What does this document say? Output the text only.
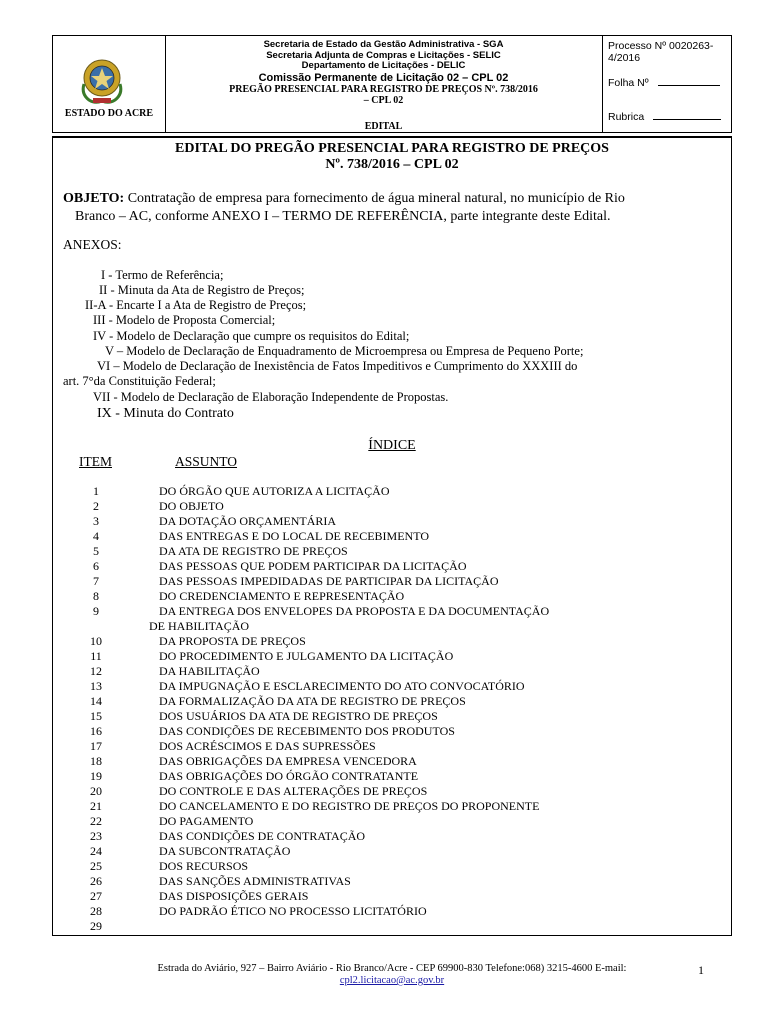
ESTADO DO ACRE
Secretaria de Estado da Gestão Administrativa - SGA
Secretaria Adjunta de Compras e Licitações - SELIC
Departamento de Licitações - DELIC
Comissão Permanente de Licitação 02 – CPL 02
PREGÃO PRESENCIAL PARA REGISTRO DE PREÇOS Nº. 738/2016
– CPL 02
EDITAL
Processo Nº 0020263-4/2016
Folha Nº
Rubrica
EDITAL DO PREGÃO PRESENCIAL PARA REGISTRO DE PREÇOS
Nº. 738/2016 – CPL 02
OBJETO: Contratação de empresa para fornecimento de água mineral natural, no município de Rio
Branco – AC, conforme ANEXO I – TERMO DE REFERÊNCIA, parte integrante deste Edital.
ANEXOS:
I - Termo de Referência;
II - Minuta da Ata de Registro de Preços;
II-A - Encarte I a Ata de Registro de Preços;
III - Modelo de Proposta Comercial;
IV - Modelo de Declaração que cumpre os requisitos do Edital;
V – Modelo de Declaração de Enquadramento de Microempresa ou Empresa de Pequeno Porte;
VI – Modelo de Declaração de Inexistência de Fatos Impeditivos e Cumprimento do XXXIII do
art. 7°da Constituição Federal;
VII - Modelo de Declaração de Elaboração Independente de Propostas.
IX - Minuta do Contrato
ÍNDICE
ITEM	ASSUNTO
1	DO ÓRGÃO QUE AUTORIZA A LICITAÇÃO
2	DO OBJETO
3	DA DOTAÇÃO ORÇAMENTÁRIA
4	DAS ENTREGAS E DO LOCAL DE RECEBIMENTO
5	DA ATA DE REGISTRO DE PREÇOS
6	DAS PESSOAS QUE PODEM PARTICIPAR DA LICITAÇÃO
7	DAS PESSOAS IMPEDIDADAS DE PARTICIPAR DA LICITAÇÃO
8	DO CREDENCIAMENTO E REPRESENTAÇÃO
9	DA ENTREGA DOS ENVELOPES DA PROPOSTA E DA DOCUMENTAÇÃO
DE HABILITAÇÃO
10	DA PROPOSTA DE PREÇOS
11	DO PROCEDIMENTO E JULGAMENTO DA LICITAÇÃO
12	DA HABILITAÇÃO
13	DA IMPUGNAÇÃO E ESCLARECIMENTO DO ATO CONVOCATÓRIO
14	DA FORMALIZAÇÃO DA ATA DE REGISTRO DE PREÇOS
15	DOS USUÁRIOS DA ATA DE REGISTRO DE PREÇOS
16	DAS CONDIÇÕES DE RECEBIMENTO DOS PRODUTOS
17	DOS ACRÉSCIMOS E DAS SUPRESSÕES
18	DAS OBRIGAÇÕES DA EMPRESA VENCEDORA
19	DAS OBRIGAÇÕES DO ÓRGÃO CONTRATANTE
20	DO CONTROLE E DAS ALTERAÇÕES DE PREÇOS
21	DO CANCELAMENTO E DO REGISTRO DE PREÇOS DO PROPONENTE
22	DO PAGAMENTO
23	DAS CONDIÇÕES DE CONTRATAÇÃO
24	DA SUBCONTRATAÇÃO
25	DOS RECURSOS
26	DAS SANÇÕES ADMINISTRATIVAS
27	DAS DISPOSIÇÕES GERAIS
28	DO PADRÃO ÉTICO NO PROCESSO LICITATÓRIO
29
Estrada do Aviário, 927 – Bairro Aviário - Rio Branco/Acre - CEP 69900-830 Telefone:068) 3215-4600 E-mail:
cpl2.licitacao@ac.gov.br
1
